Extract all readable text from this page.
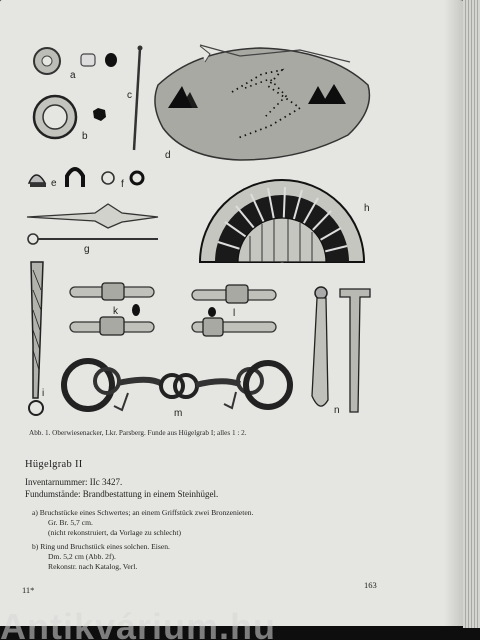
a
b
c
d
e	f
g
h
i
k	l
m	n
Abb. 1. Oberwiesenacker, Lkr. Parsberg. Funde aus Hügelgrab I; alles 1 : 2.
Hügelgrab II
Inventarnummer: IIc 3427.
Fundumstände: Brandbestattung in einem Steinhügel.
a) Bruchstücke eines Schwertes; an einem Griffstück zwei Bronzenieten.
Gr. Br. 5,7 cm.
(nicht rekonstruiert, da Vorlage zu schlecht)
b) Ring und Bruchstück eines solchen. Eisen.
Dm. 5,2 cm (Abb. 2f).
Rekonstr. nach Katalog, Verl.
11*	163
Antikvárium.hu
